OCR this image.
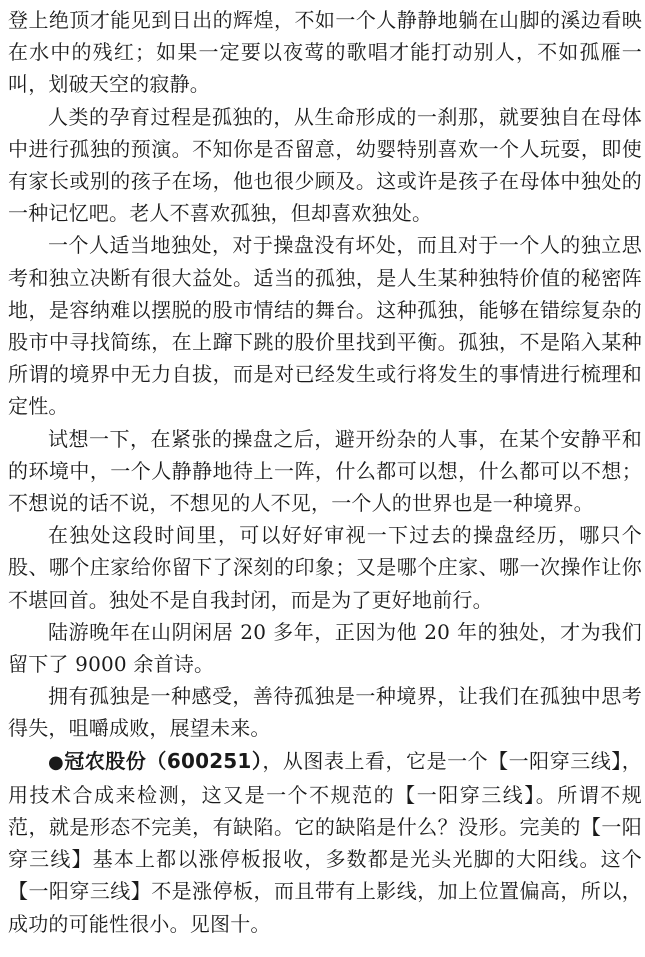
登上绝顶才能见到日出的辉煌，不如一个人静静地躺在山脚的溪边看映在水中的残红；如果一定要以夜莺的歌唱才能打动别人，不如孤雁一叫，划破天空的寂静。

人类的孕育过程是孤独的，从生命形成的一刹那，就要独自在母体中进行孤独的预演。不知你是否留意，幼婴特别喜欢一个人玩耍，即使有家长或别的孩子在场，他也很少顾及。这或许是孩子在母体中独处的一种记忆吧。老人不喜欢孤独，但却喜欢独处。

一个人适当地独处，对于操盘没有坏处，而且对于一个人的独立思考和独立决断有很大益处。适当的孤独，是人生某种独特价值的秘密阵地，是容纳难以摆脱的股市情结的舞台。这种孤独，能够在错综复杂的股市中寻找简练，在上蹿下跳的股价里找到平衡。孤独，不是陷入某种所谓的境界中无力自拔，而是对已经发生或行将发生的事情进行梳理和定性。

试想一下，在紧张的操盘之后，避开纷杂的人事，在某个安静平和的环境中，一个人静静地待上一阵，什么都可以想，什么都可以不想；不想说的话不说，不想见的人不见，一个人的世界也是一种境界。

在独处这段时间里，可以好好审视一下过去的操盘经历，哪只个股、哪个庄家给你留下了深刻的印象；又是哪个庄家、哪一次操作让你不堪回首。独处不是自我封闭，而是为了更好地前行。

陆游晚年在山阴闲居 20 多年，正因为他 20 年的独处，才为我们留下了 9000 余首诗。

拥有孤独是一种感受，善待孤独是一种境界，让我们在孤独中思考得失，咀嚼成败，展望未来。

●冠农股份（600251），从图表上看，它是一个【一阳穿三线】，用技术合成来检测，这又是一个不规范的【一阳穿三线】。所谓不规范，就是形态不完美，有缺陷。它的缺陷是什么？没形。完美的【一阳穿三线】基本上都以涨停板报收，多数都是光头光脚的大阳线。这个【一阳穿三线】不是涨停板，而且带有上影线，加上位置偏高，所以，成功的可能性很小。见图十。
